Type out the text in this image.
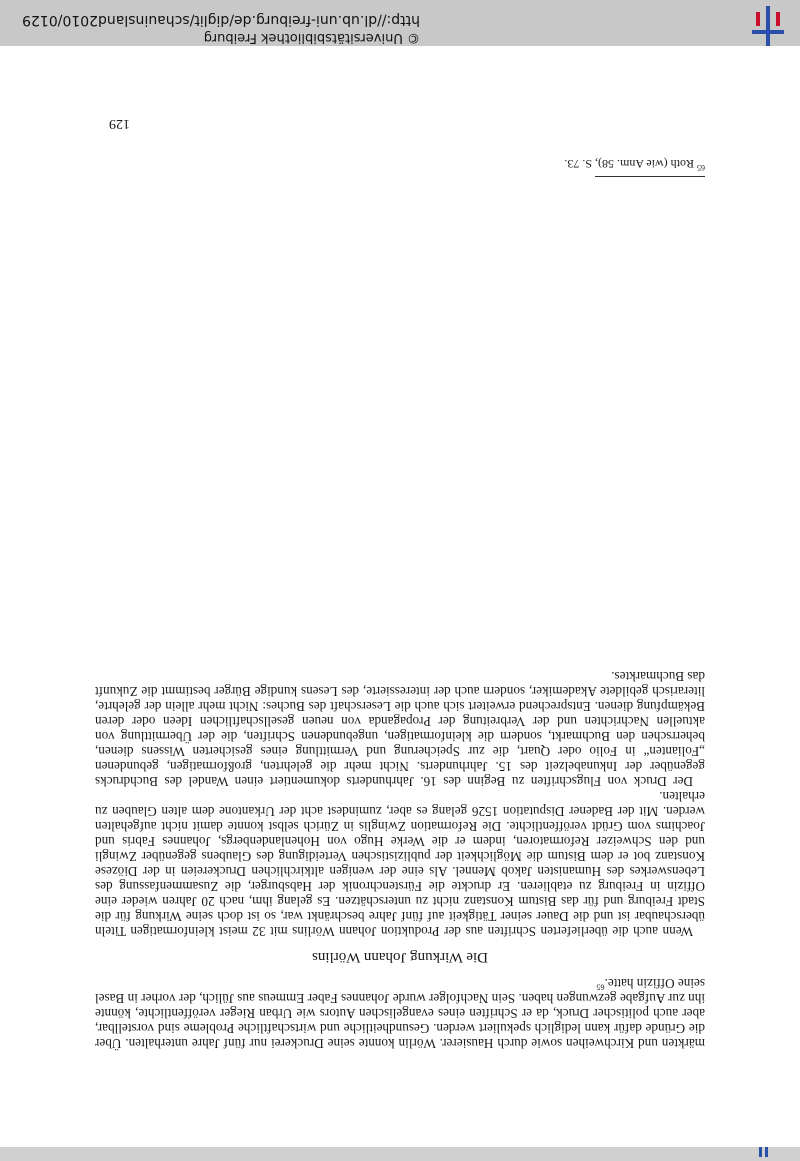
märkten und Kirchweihen sowie durch Hausierer. Wörlin konnte seine Druckerei nur fünf Jahre unterhalten. Über die Gründe dafür kann lediglich spekuliert werden. Gesundheitliche und wirtschaftliche Probleme sind vorstellbar, aber auch politischer Druck, da er Schriften eines evangelischen Autors wie Urban Rieger veröffentlichte, könnte ihn zur Aufgabe gezwungen haben. Sein Nachfolger wurde Johannes Faber Emmeus aus Jülich, der vorher in Basel seine Offizin hatte.$^{65}$

Die Wirkung Johann Wörlins

Wenn auch die überlieferten Schriften aus der Produktion Johann Wörlins mit 32 meist kleinformatigen Titeln überschaubar ist und die Dauer seiner Tätigkeit auf fünf Jahre beschränkt war, so ist doch seine Wirkung für die Stadt Freiburg und für das Bistum Konstanz nicht zu unterschätzen. Es gelang ihm, nach 20 Jahren wieder eine Offizin in Freiburg zu etablieren. Er druckte die Fürstenchronik der Habsburger, die Zusammenfassung des Lebenswerkes des Humanisten Jakob Mennel. Als eine der wenigen altkirchlichen Druckereien in der Diözese Konstanz bot er dem Bistum die Möglichkeit der publizistischen Verteidigung des Glaubens gegenüber Zwingli und den Schweizer Reformatoren, indem er die Werke Hugo von Hohenlandenbergs, Johannes Fabris und Joachims vom Grüdt veröffentlichte. Die Reformation Zwinglis in Zürich selbst konnte damit nicht aufgehalten werden. Mit der Badener Disputation 1526 gelang es aber, zumindest acht der Urkantone dem alten Glauben zu erhalten.

Der Druck von Flugschriften zu Beginn des 16. Jahrhunderts dokumentiert einen Wandel des Buchdrucks gegenüber der Inkunabelzeit des 15. Jahrhunderts. Nicht mehr die gelehrten, großformatigen, gebundenen „Folianten“ in Folio oder Quart, die zur Speicherung und Vermittlung eines gesicherten Wissens dienen, beherrschen den Buchmarkt, sondern die kleinformatigen, ungebundenen Schriften, die der Übermittlung von aktuellen Nachrichten und der Verbreitung der Propaganda von neuen gesellschaftlichen Ideen oder deren Bekämpfung dienen. Entsprechend erweitert sich auch die Leserschaft des Buches: Nicht mehr allein der gelehrte, literarisch gebildete Akademiker, sondern auch der interessierte, des Lesens kundige Bürger bestimmt die Zukunft das Buchmarktes.

$^{65}$ Roth (wie Anm. 58), S. 73.
129
© Universitätsbibliothek Freiburg
http://dl.ub.uni-freiburg.de/diglit/schauinsland2010/0129
